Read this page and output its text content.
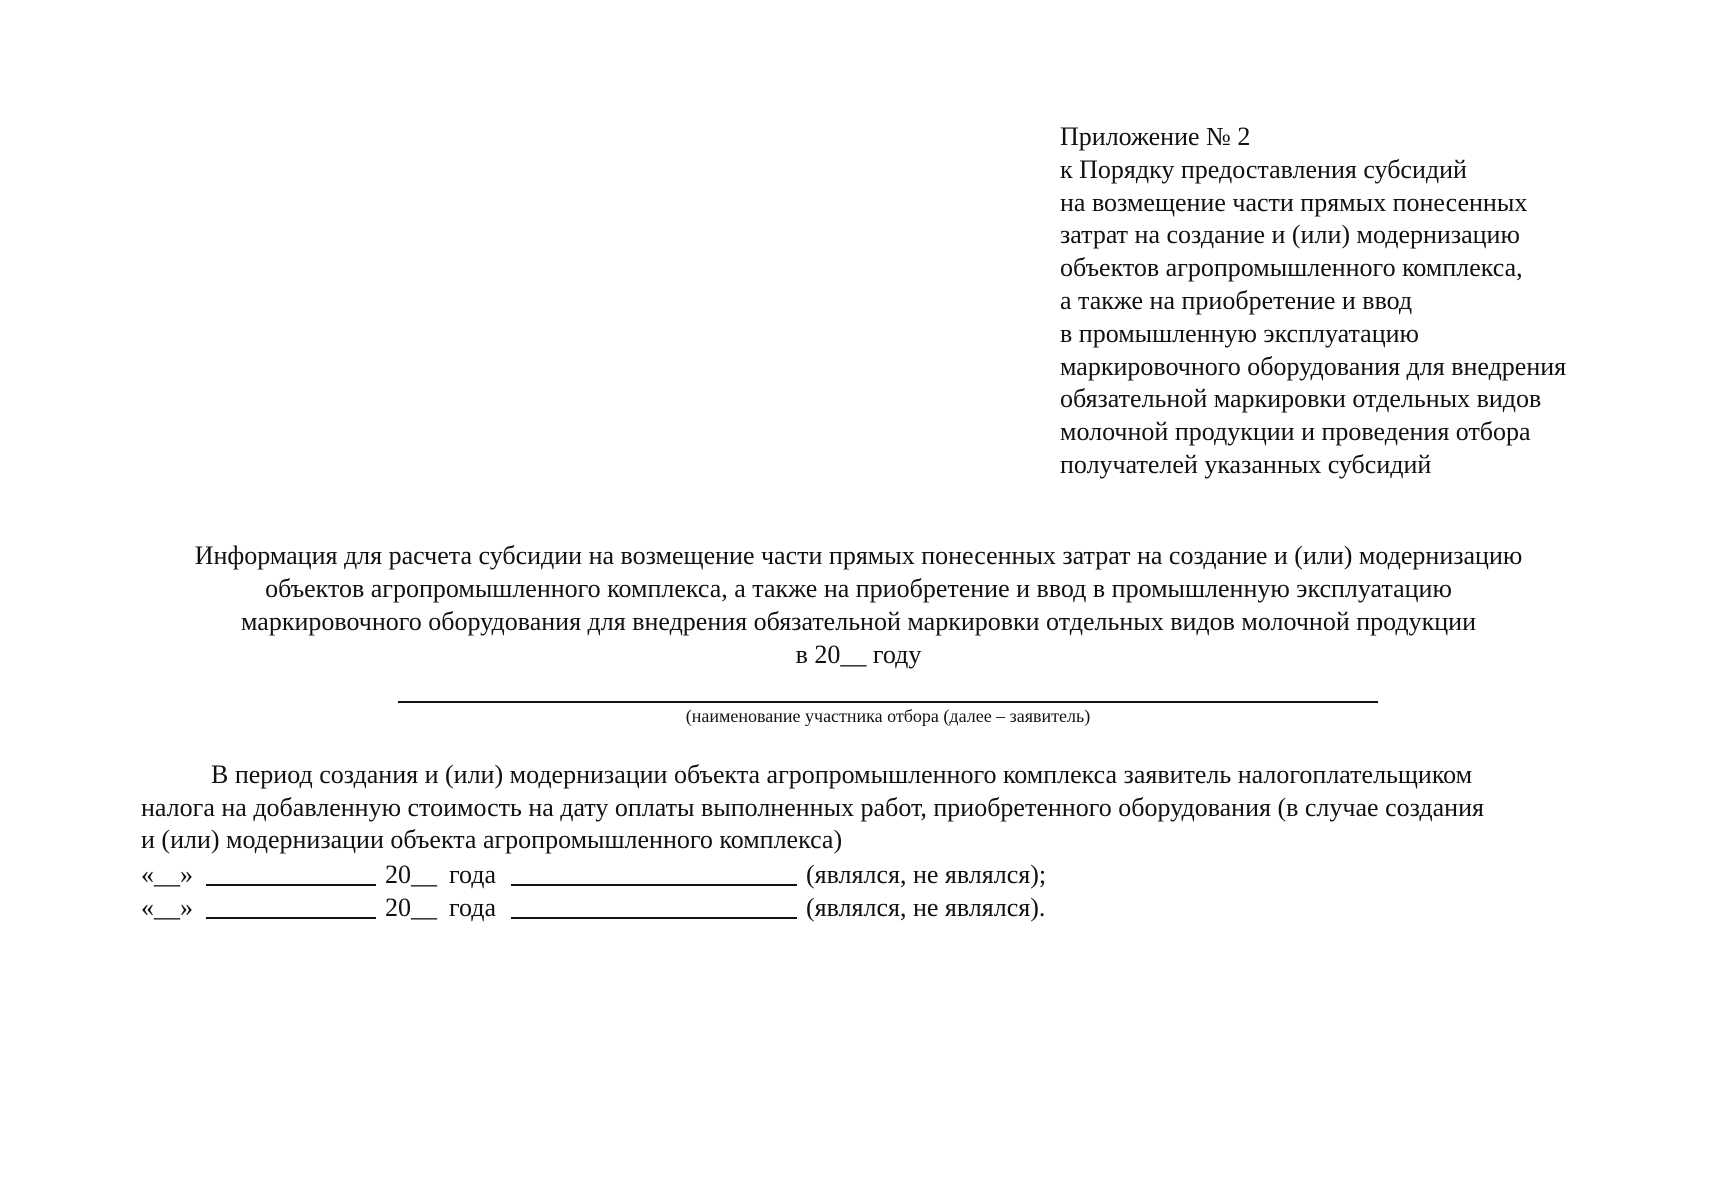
Приложение № 2
к Порядку предоставления субсидий
на возмещение части прямых понесенных
затрат на создание и (или) модернизацию
объектов агропромышленного комплекса,
а также на приобретение и ввод
в промышленную эксплуатацию
маркировочного оборудования для внедрения
обязательной маркировки отдельных видов
молочной продукции и проведения отбора
получателей указанных субсидий
Информация для расчета субсидии на возмещение части прямых понесенных затрат на создание и (или) модернизацию
объектов агропромышленного комплекса, а также на приобретение и ввод в промышленную эксплуатацию
маркировочного оборудования для внедрения обязательной маркировки отдельных видов молочной продукции
в 20__ году
(наименование участника отбора (далее – заявитель)
В период создания и (или) модернизации объекта агропромышленного комплекса заявитель налогоплательщиком
налога на добавленную стоимость на дату оплаты выполненных работ, приобретенного оборудования (в случае создания
и (или) модернизации объекта агропромышленного комплекса)
«__»	20__ года	(являлся, не являлся);
«__»	20__ года	(являлся, не являлся).
